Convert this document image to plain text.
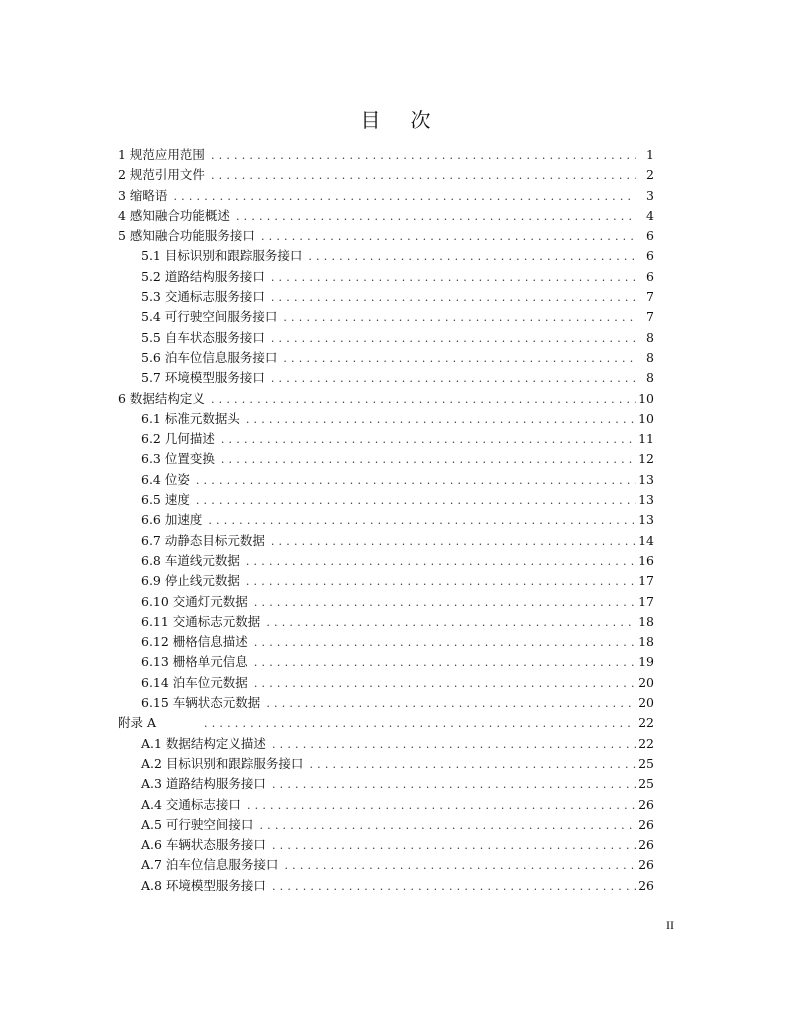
目 次
1 规范应用范围 .....	1
2 规范引用文件 .....	2
3 缩略语 .....	3
4 感知融合功能概述 .....	4
5 感知融合功能服务接口 .....	6
5.1 目标识别和跟踪服务接口 .....	6
5.2 道路结构服务接口 .....	6
5.3 交通标志服务接口 .....	7
5.4 可行驶空间服务接口 .....	7
5.5 自车状态服务接口 .....	8
5.6 泊车位信息服务接口 .....	8
5.7 环境模型服务接口 .....	8
6 数据结构定义 .....	10
6.1 标准元数据头 .....	10
6.2 几何描述 .....	11
6.3 位置变换 .....	12
6.4 位姿 .....	13
6.5 速度 .....	13
6.6 加速度 .....	13
6.7 动静态目标元数据 .....	14
6.8 车道线元数据 .....	16
6.9 停止线元数据 .....	17
6.10 交通灯元数据 .....	17
6.11 交通标志元数据 .....	18
6.12 栅格信息描述 .....	18
6.13 栅格单元信息 .....	19
6.14 泊车位元数据 .....	20
6.15 车辆状态元数据 .....	20
附录 A .....	22
A.1 数据结构定义描述 .....	22
A.2 目标识别和跟踪服务接口 .....	25
A.3 道路结构服务接口 .....	25
A.4 交通标志接口 .....	26
A.5 可行驶空间接口 .....	26
A.6 车辆状态服务接口 .....	26
A.7 泊车位信息服务接口 .....	26
A.8 环境模型服务接口 .....	26
II
